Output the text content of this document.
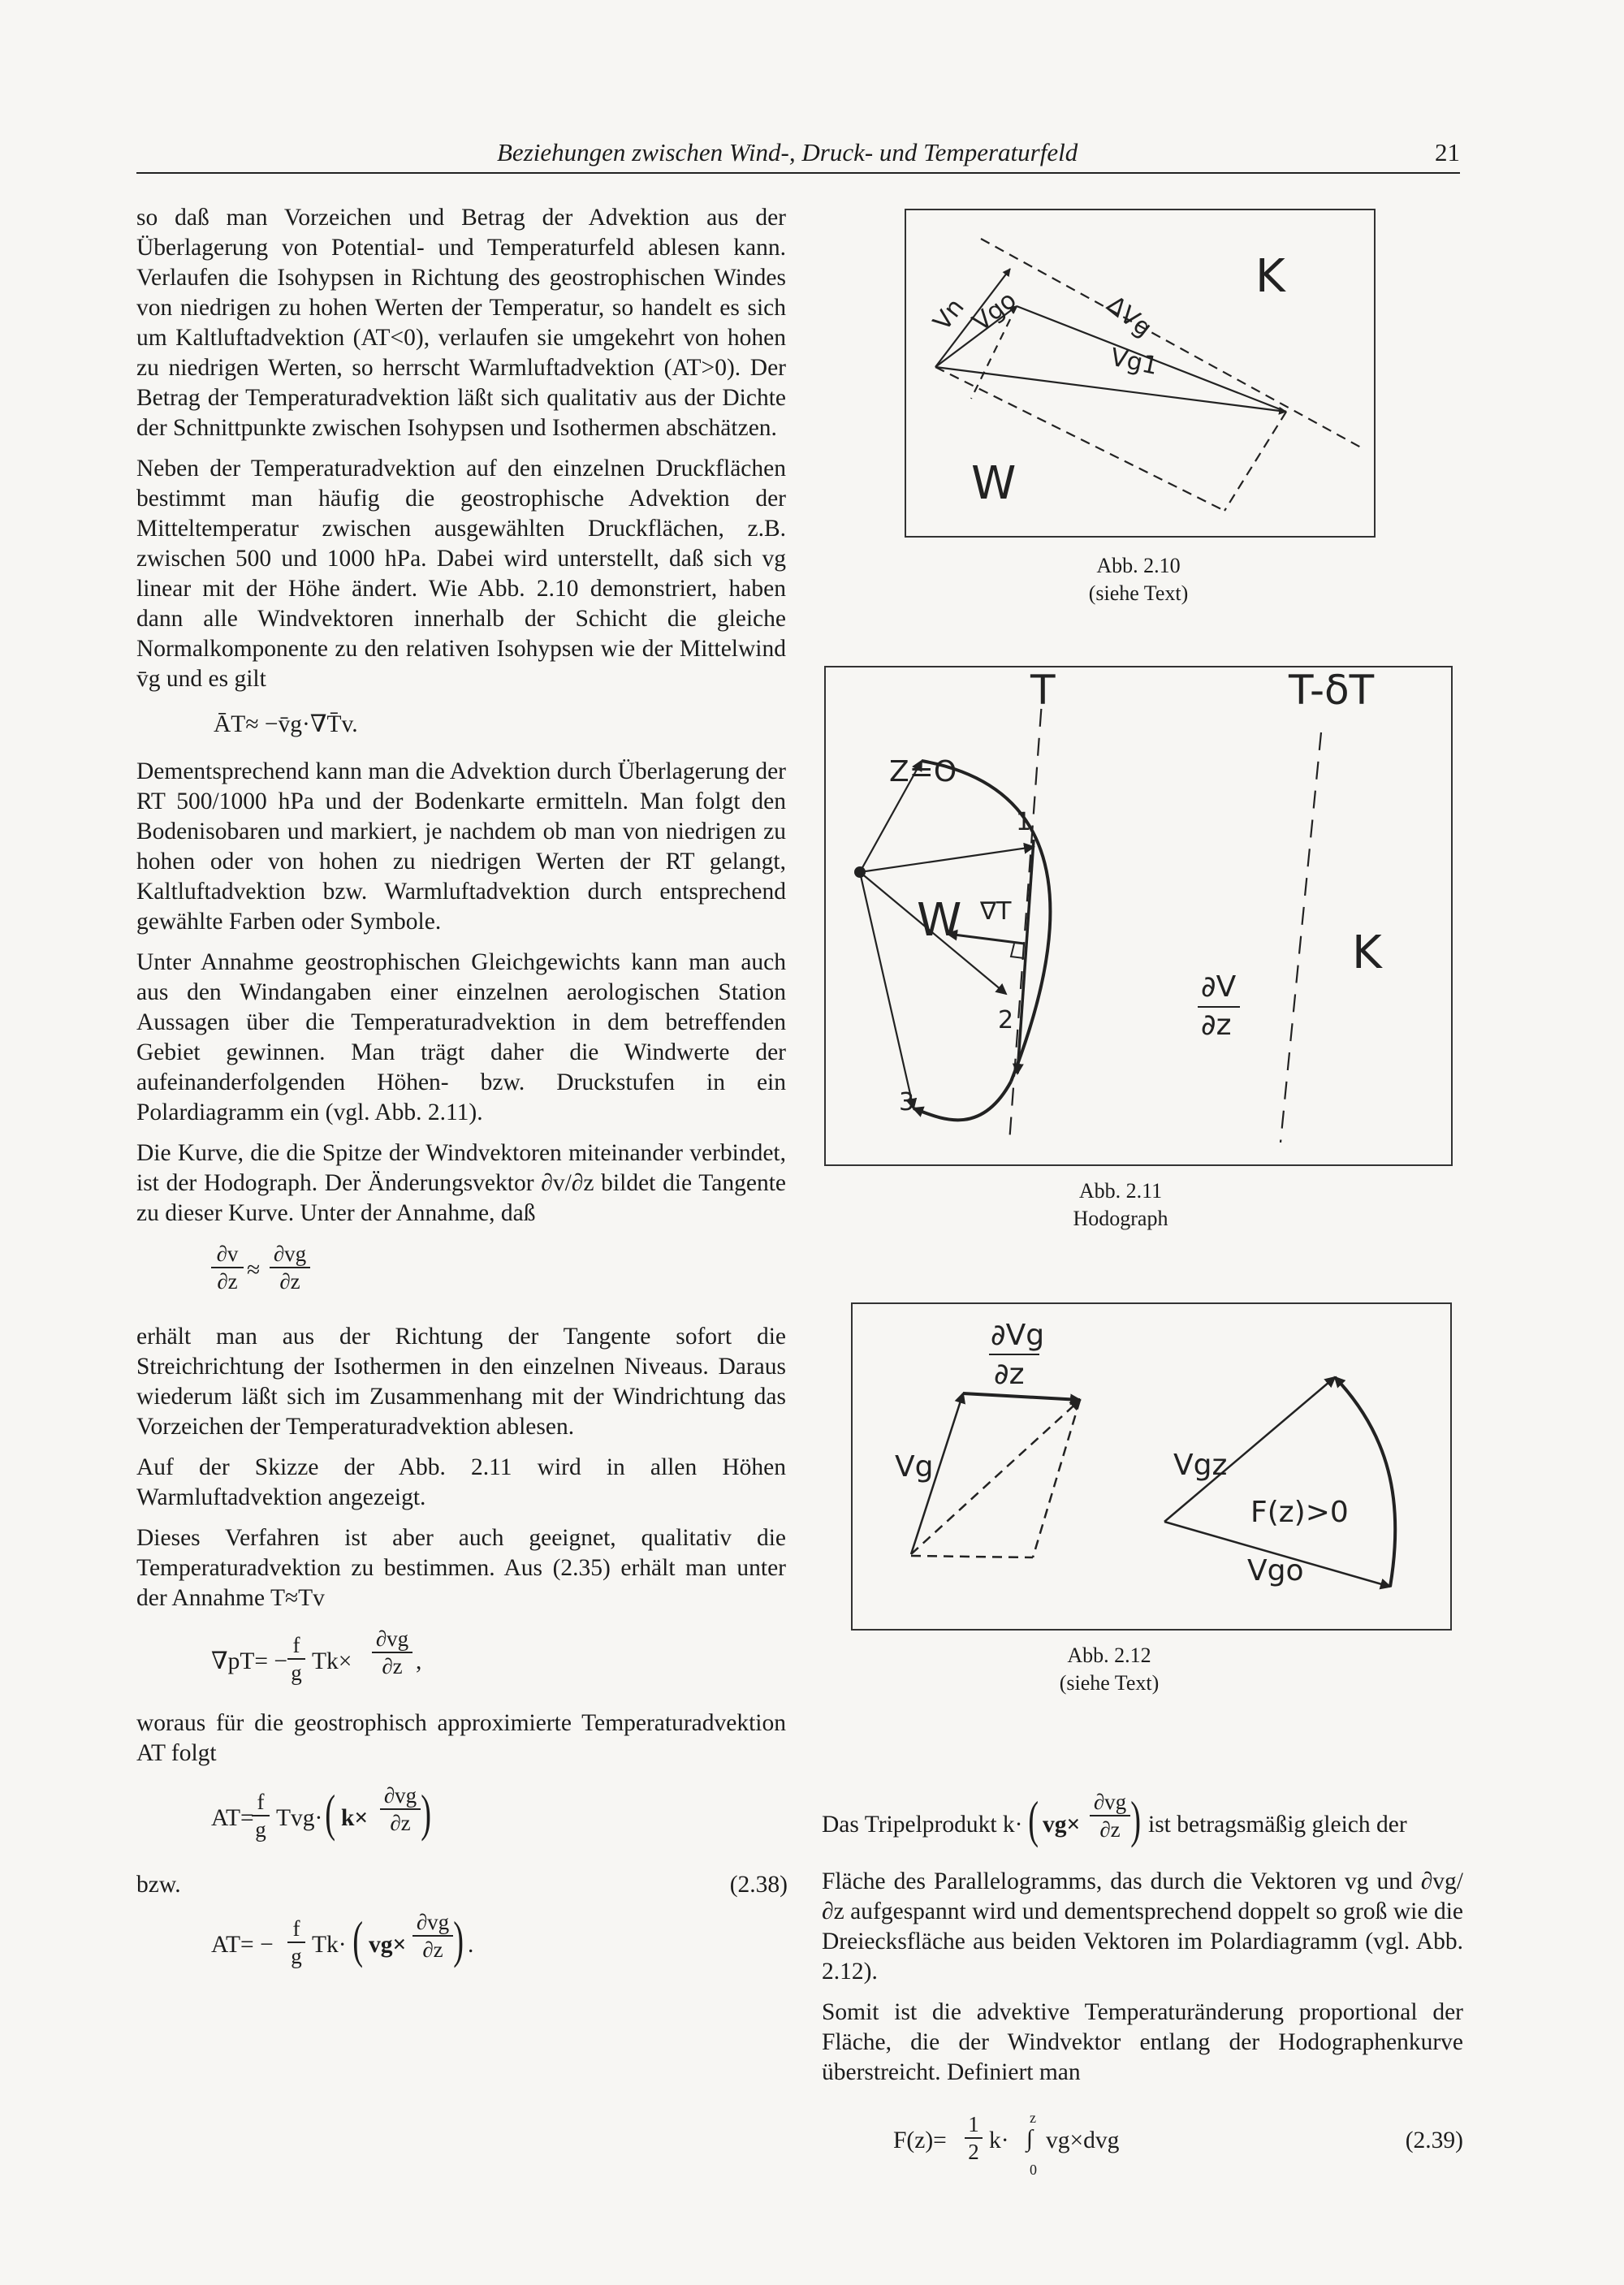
Beziehungen zwischen Wind-, Druck- und Temperaturfeld	21

so daß man Vorzeichen und Betrag der Advektion aus der Überlagerung von Potential- und Temperaturfeld ablesen kann. Verlaufen die Isohypsen in Richtung des geostrophischen Windes von niedrigen zu hohen Werten der Temperatur, so handelt es sich um Kaltluftadvektion (AT<0), verlaufen sie umgekehrt von hohen zu niedrigen Werten, so herrscht Warmluftadvektion (AT>0). Der Betrag der Temperaturadvektion läßt sich qualitativ aus der Dichte der Schnittpunkte zwischen Isohypsen und Isothermen abschätzen.

Neben der Temperaturadvektion auf den einzelnen Druckflächen bestimmt man häufig die geostrophische Advektion der Mitteltemperatur zwischen ausgewählten Druckflächen, z.B. zwischen 500 und 1000 hPa. Dabei wird unterstellt, daß sich vg linear mit der Höhe ändert. Wie Abb. 2.10 demonstriert, haben dann alle Windvektoren innerhalb der Schicht die gleiche Normalkomponente zu den relativen Isohypsen wie der Mittelwind v̄g und es gilt

ĀT≈ −v̄g·∇T̄v.

Dementsprechend kann man die Advektion durch Überlagerung der RT 500/1000 hPa und der Bodenkarte ermitteln. Man folgt den Bodenisobaren und markiert, je nachdem ob man von niedrigen zu hohen oder von hohen zu niedrigen Werten der RT gelangt, Kaltluftadvektion bzw. Warmluftadvektion durch entsprechend gewählte Farben oder Symbole.

Unter Annahme geostrophischen Gleichgewichts kann man auch aus den Windangaben einer einzelnen aerologischen Station Aussagen über die Temperaturadvektion in dem betreffenden Gebiet gewinnen. Man trägt daher die Windwerte der aufeinanderfolgenden Höhen- bzw. Druckstufen in ein Polardiagramm ein (vgl. Abb. 2.11).

Die Kurve, die die Spitze der Windvektoren miteinander verbindet, ist der Hodograph. Der Änderungsvektor ∂v/∂z bildet die Tangente zu dieser Kurve. Unter der Annahme, daß

∂v
∂z ≈
∂vg
∂z

erhält man aus der Richtung der Tangente sofort die Streichrichtung der Isothermen in den einzelnen Niveaus. Daraus wiederum läßt sich im Zusammenhang mit der Windrichtung das Vorzeichen der Temperaturadvektion ablesen.

Auf der Skizze der Abb. 2.11 wird in allen Höhen Warmluftadvektion angezeigt.

Dieses Verfahren ist aber auch geeignet, qualitativ die Temperaturadvektion zu bestimmen. Aus (2.35) erhält man unter der Annahme T≈Tv

∇pT= −
f
g Tk×
∂vg
∂z ,

woraus für die geostrophisch approximierte Temperaturadvektion AT folgt

AT=
f
g Tvg· ( k×
∂vg
∂z )
bzw.	(2.38)
AT= −
f
g Tk· ( vg×
∂vg
∂z ) .
K
W
Vn
Vgo
Vg1
ΔVg
Abb. 2.10
(siehe Text)
T	T-δT
Z=O
1
2
3
W
K
∇T
∂V
∂z
Abb. 2.11
Hodograph
∂Vg
∂z
Vg	Vgz
F(z)>0
Vgo
Abb. 2.12
(siehe Text)
Das Tripelprodukt k· ( vg×
∂vg
∂z ) ist betragsmäßig gleich der

Fläche des Parallelogramms, das durch die Vektoren vg und ∂vg/∂z aufgespannt wird und dementsprechend doppelt so groß wie die Dreiecksfläche aus beiden Vektoren im Polardiagramm (vgl. Abb. 2.12).

Somit ist die advektive Temperaturänderung proportional der Fläche, die der Windvektor entlang der Hodographenkurve überstreicht. Definiert man

F(z)=
1
2 k·
z
∫
0
vg×dvg	(2.39)
